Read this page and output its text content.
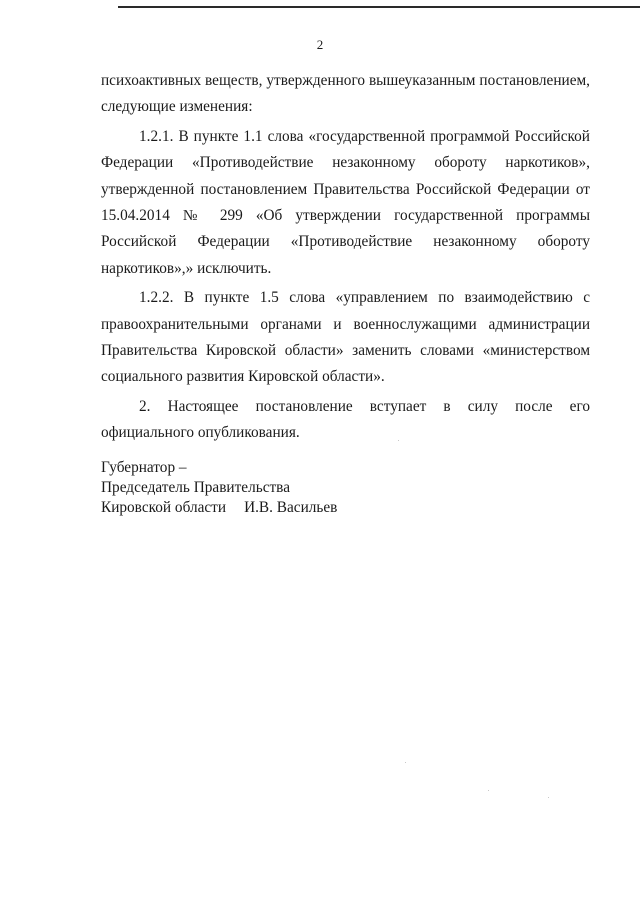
2

психоактивных веществ, утвержденного вышеуказанным постановлением, следующие изменения:

1.2.1. В пункте 1.1 слова «государственной программой Российской Федерации «Противодействие незаконному обороту наркотиков», утвержденной постановлением Правительства Российской Федерации от 15.04.2014 № 299 «Об утверждении государственной программы Российской Федерации «Противодействие незаконному обороту наркотиков»,» исключить.

1.2.2. В пункте 1.5 слова «управлением по взаимодействию с правоохранительными органами и военнослужащими администрации Правительства Кировской области» заменить словами «министерством социального развития Кировской области».

2. Настоящее постановление вступает в силу после его официального опубликования.

Губернатор –
Председатель Правительства
Кировской области И.В. Васильев
